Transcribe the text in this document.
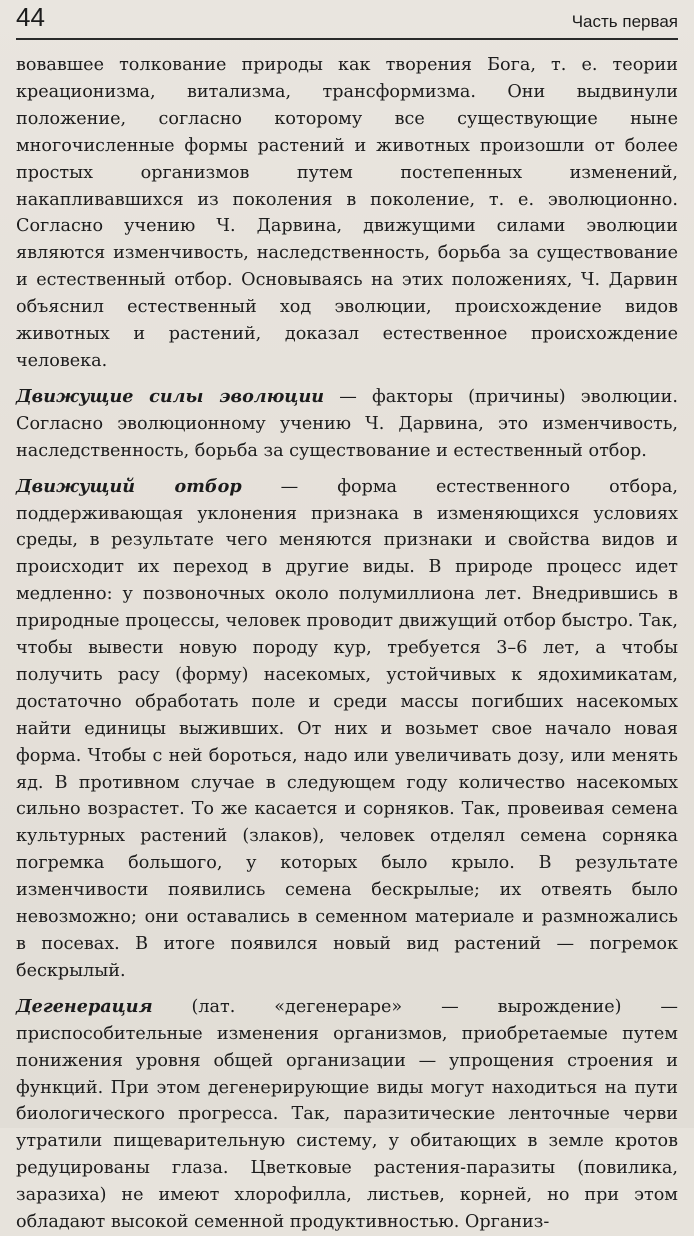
44	Часть первая

вовавшее толкование природы как творения Бога, т. е. теории креационизма, витализма, трансформизма. Они выдвинули положение, согласно которому все существующие ныне многочисленные формы растений и животных произошли от более простых организмов путем постепенных изменений, накапливавшихся из поколения в поколение, т. е. эволюционно. Согласно учению Ч. Дарвина, движущими силами эволюции являются изменчивость, наследственность, борьба за существование и естественный отбор. Основываясь на этих положениях, Ч. Дарвин объяснил естественный ход эволюции, происхождение видов животных и растений, доказал естественное происхождение человека.

Движущие силы эволюции — факторы (причины) эволюции. Согласно эволюционному учению Ч. Дарвина, это изменчивость, наследственность, борьба за существование и естественный отбор.

Движущий отбор — форма естественного отбора, поддерживающая уклонения признака в изменяющихся условиях среды, в результате чего меняются признаки и свойства видов и происходит их переход в другие виды. В природе процесс идет медленно: у позвоночных около полумиллиона лет. Внедрившись в природные процессы, человек проводит движущий отбор быстро. Так, чтобы вывести новую породу кур, требуется 3–6 лет, а чтобы получить расу (форму) насекомых, устойчивых к ядохимикатам, достаточно обработать поле и среди массы погибших насекомых найти единицы выживших. От них и возьмет свое начало новая форма. Чтобы с ней бороться, надо или увеличивать дозу, или менять яд. В противном случае в следующем году количество насекомых сильно возрастет. То же касается и сорняков. Так, провеивая семена культурных растений (злаков), человек отделял семена сорняка погремка большого, у которых было крыло. В результате изменчивости появились семена бескрылые; их отвеять было невозможно; они оставались в семенном материале и размножались в посевах. В итоге появился новый вид растений — погремок бескрылый.

Дегенерация (лат. «дегенераре» — вырождение) — приспособительные изменения организмов, приобретаемые путем понижения уровня общей организации — упрощения строения и функций. При этом дегенерирующие виды могут находиться на пути биологического прогресса. Так, паразитические ленточные черви утратили пищеварительную систему, у обитающих в земле кротов редуцированы глаза. Цветковые растения-паразиты (повилика, заразиха) не имеют хлорофилла, листьев, корней, но при этом обладают высокой семенной продуктивностью. Организ-
